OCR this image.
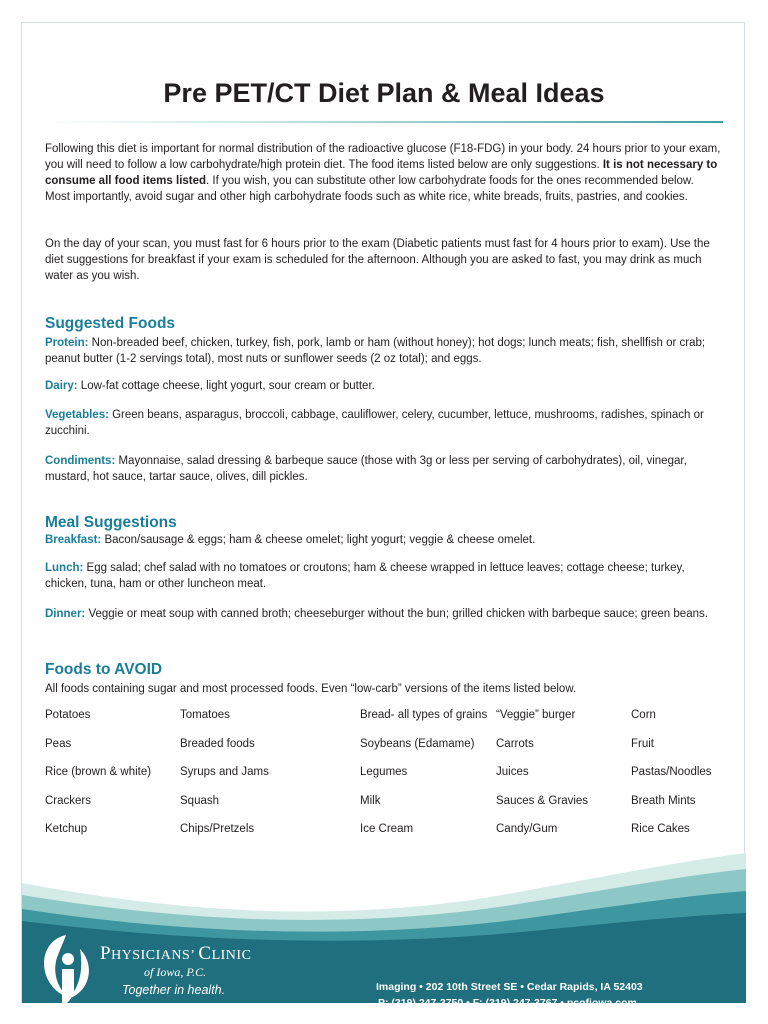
Pre PET/CT Diet Plan & Meal Ideas

Following this diet is important for normal distribution of the radioactive glucose (F18-FDG) in your body. 24 hours prior to your exam, you will need to follow a low carbohydrate/high protein diet. The food items listed below are only suggestions. It is not necessary to consume all food items listed. If you wish, you can substitute other low carbohydrate foods for the ones recommended below. Most importantly, avoid sugar and other high carbohydrate foods such as white rice, white breads, fruits, pastries, and cookies.

On the day of your scan, you must fast for 6 hours prior to the exam (Diabetic patients must fast for 4 hours prior to exam). Use the diet suggestions for breakfast if your exam is scheduled for the afternoon. Although you are asked to fast, you may drink as much water as you wish.

Suggested Foods

Protein: Non-breaded beef, chicken, turkey, fish, pork, lamb or ham (without honey); hot dogs; lunch meats; fish, shellfish or crab; peanut butter (1-2 servings total), most nuts or sunflower seeds (2 oz total); and eggs.

Dairy: Low-fat cottage cheese, light yogurt, sour cream or butter.

Vegetables: Green beans, asparagus, broccoli, cabbage, cauliflower, celery, cucumber, lettuce, mushrooms, radishes, spinach or zucchini.

Condiments: Mayonnaise, salad dressing & barbeque sauce (those with 3g or less per serving of carbohydrates), oil, vinegar, mustard, hot sauce, tartar sauce, olives, dill pickles.

Meal Suggestions

Breakfast: Bacon/sausage & eggs; ham & cheese omelet; light yogurt; veggie & cheese omelet.

Lunch: Egg salad; chef salad with no tomatoes or croutons; ham & cheese wrapped in lettuce leaves; cottage cheese; turkey, chicken, tuna, ham or other luncheon meat.

Dinner: Veggie or meat soup with canned broth; cheeseburger without the bun; grilled chicken with barbeque sauce; green beans.

Foods to AVOID

All foods containing sugar and most processed foods. Even “low-carb” versions of the items listed below.

Potatoes
Peas
Rice (brown & white)
Crackers
Ketchup
Tomatoes
Breaded foods
Syrups and Jams
Squash
Chips/Pretzels
Bread- all types of grains
Soybeans (Edamame)
Legumes
Milk
Ice Cream
“Veggie” burger
Carrots
Juices
Sauces & Gravies
Candy/Gum
Corn
Fruit
Pastas/Noodles
Breath Mints
Rice Cakes
PHYSICIANS’ CLINIC
of Iowa, P.C.
Together in health.	Imaging • 202 10th Street SE • Cedar Rapids, IA 52403
P: (319) 247-3750 • F: (319) 247-3767 • pcofiowa.com
